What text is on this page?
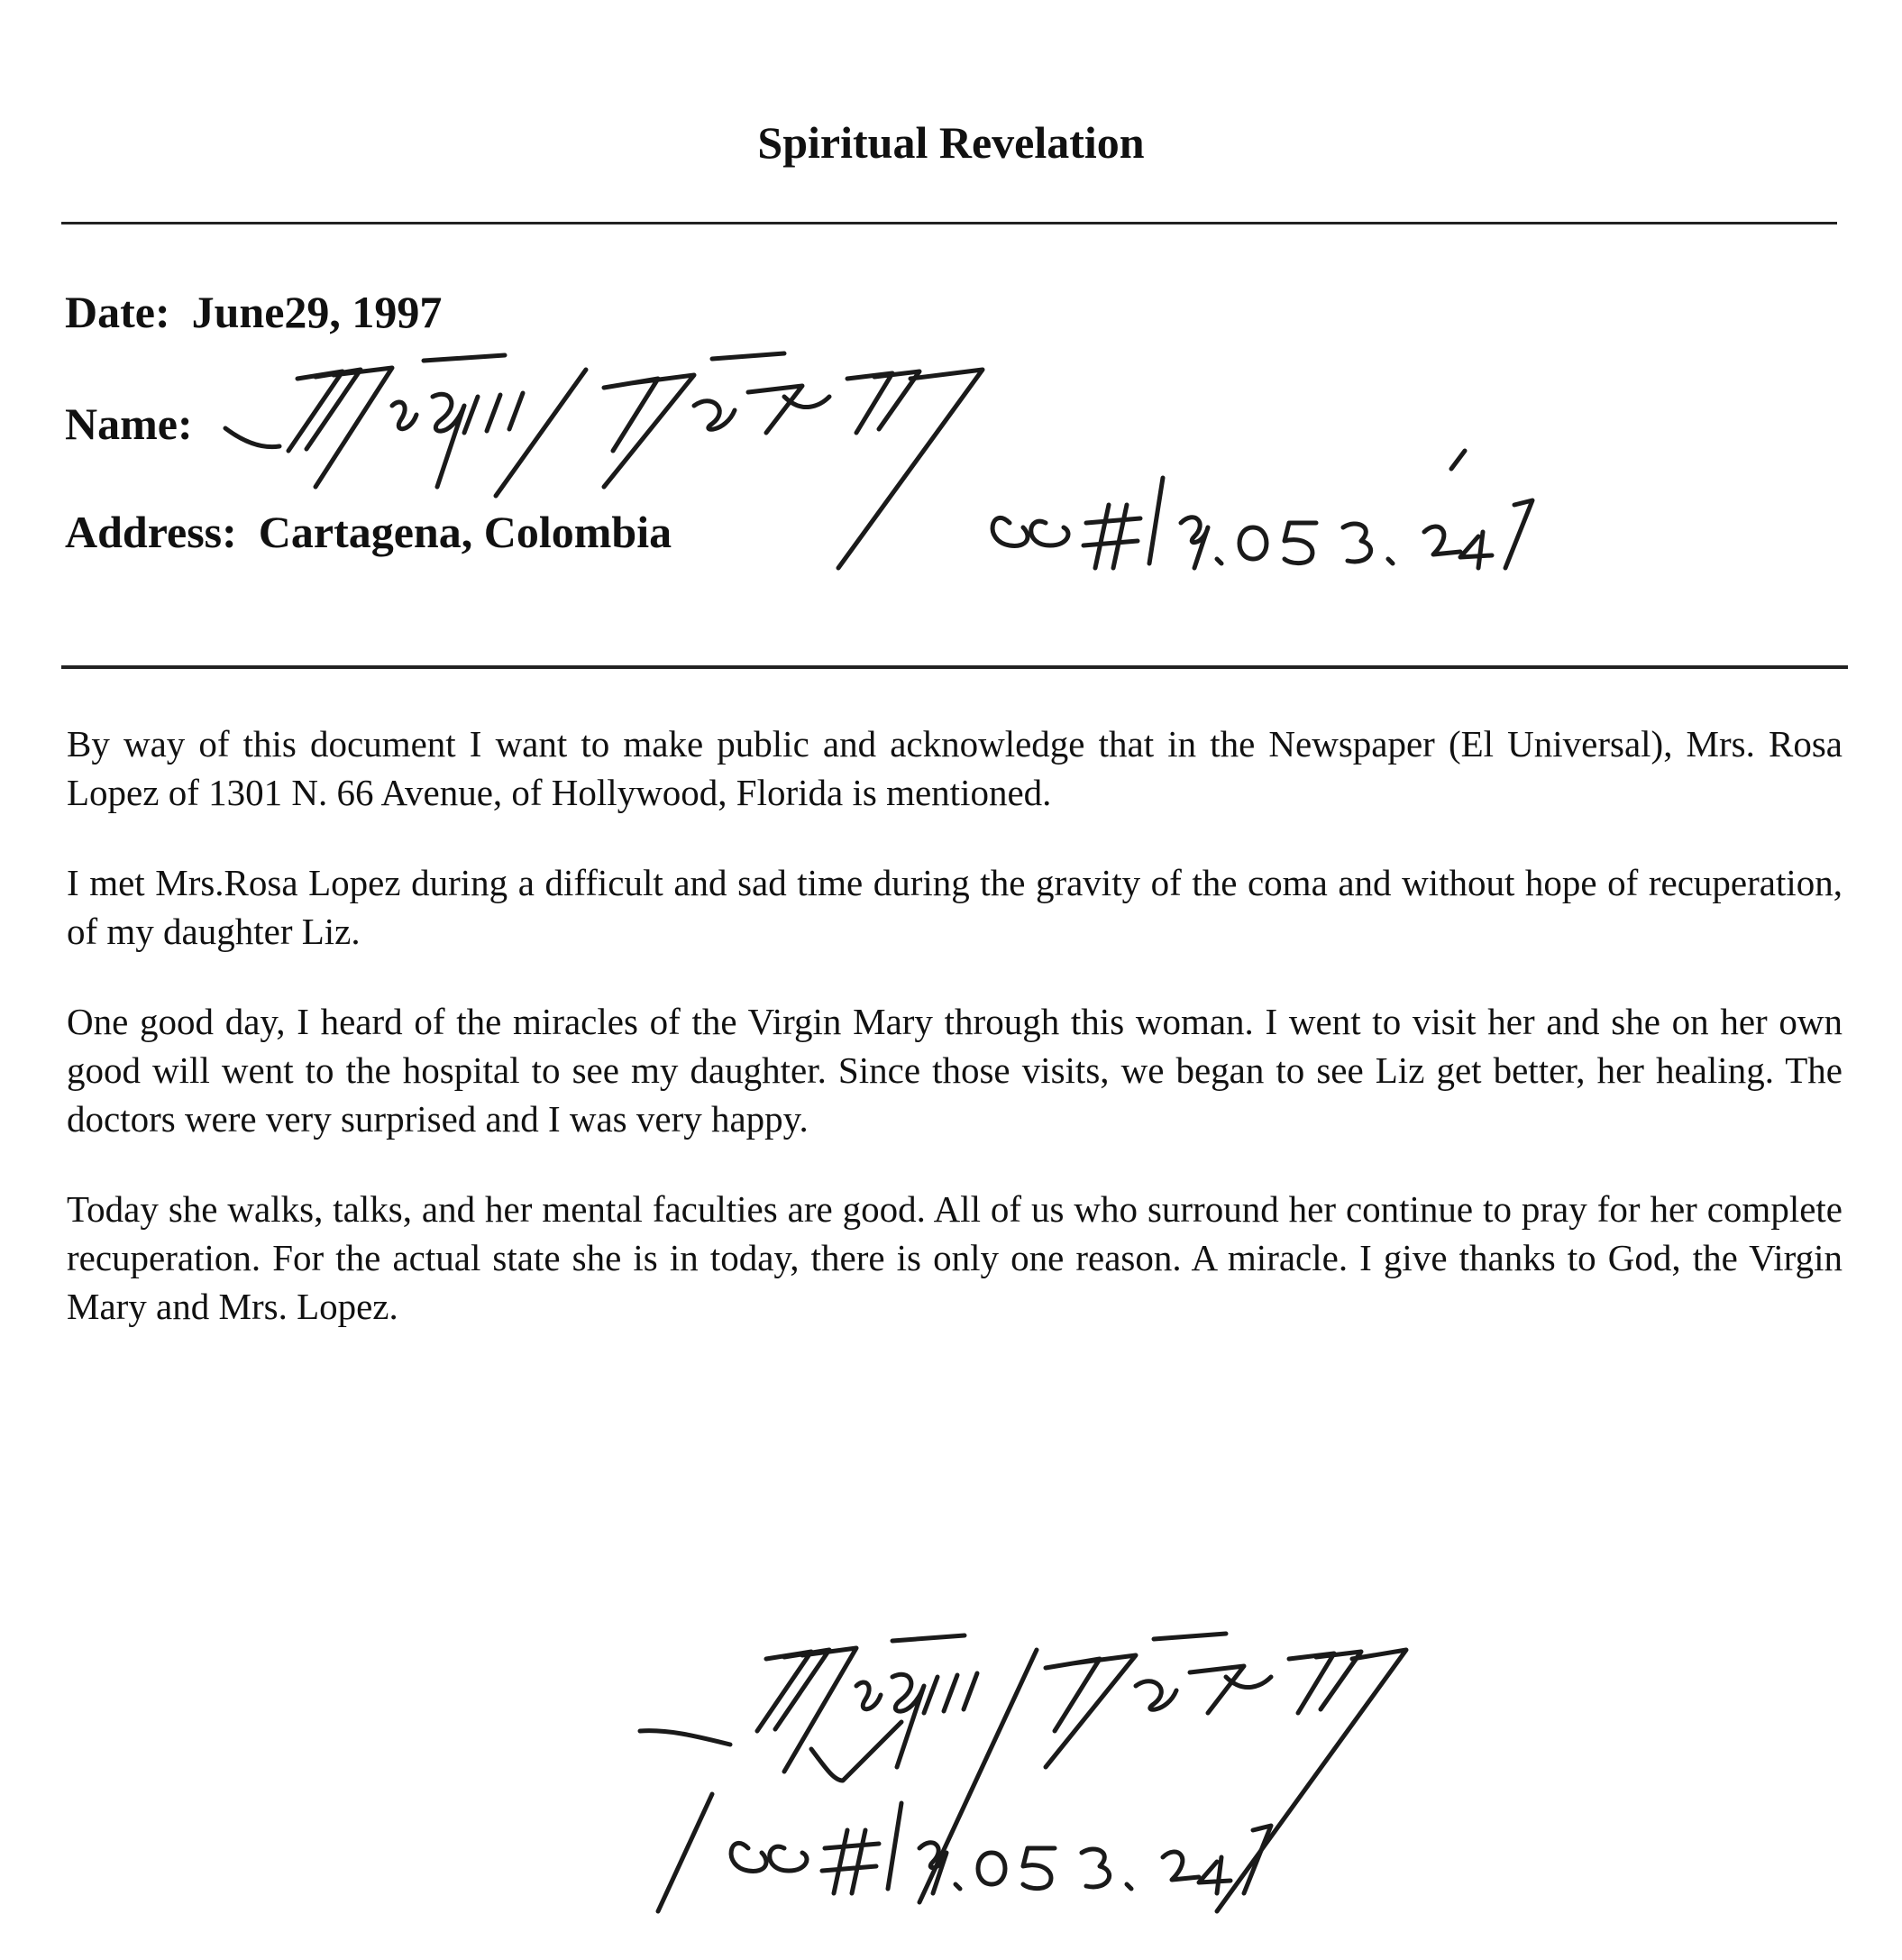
Spiritual Revelation
Date: June29, 1997
Name:
Address: Cartagena, Colombia
By way of this document I want to make public and acknowledge that in the Newspaper (El Universal), Mrs. Rosa Lopez of 1301 N. 66 Avenue, of Hollywood, Florida is mentioned.
I met Mrs.Rosa Lopez during a difficult and sad time during the gravity of the coma and without hope of recuperation, of my daughter Liz.
One good day, I heard of the miracles of the Virgin Mary through this woman. I went to visit her and she on her own good will went to the hospital to see my daughter. Since those visits, we began to see Liz get better, her healing. The doctors were very surprised and I was very happy.
Today she walks, talks, and her mental faculties are good. All of us who surround her continue to pray for her complete recuperation. For the actual state she is in today, there is only one reason. A miracle. I give thanks to God, the Virgin Mary and Mrs. Lopez.
